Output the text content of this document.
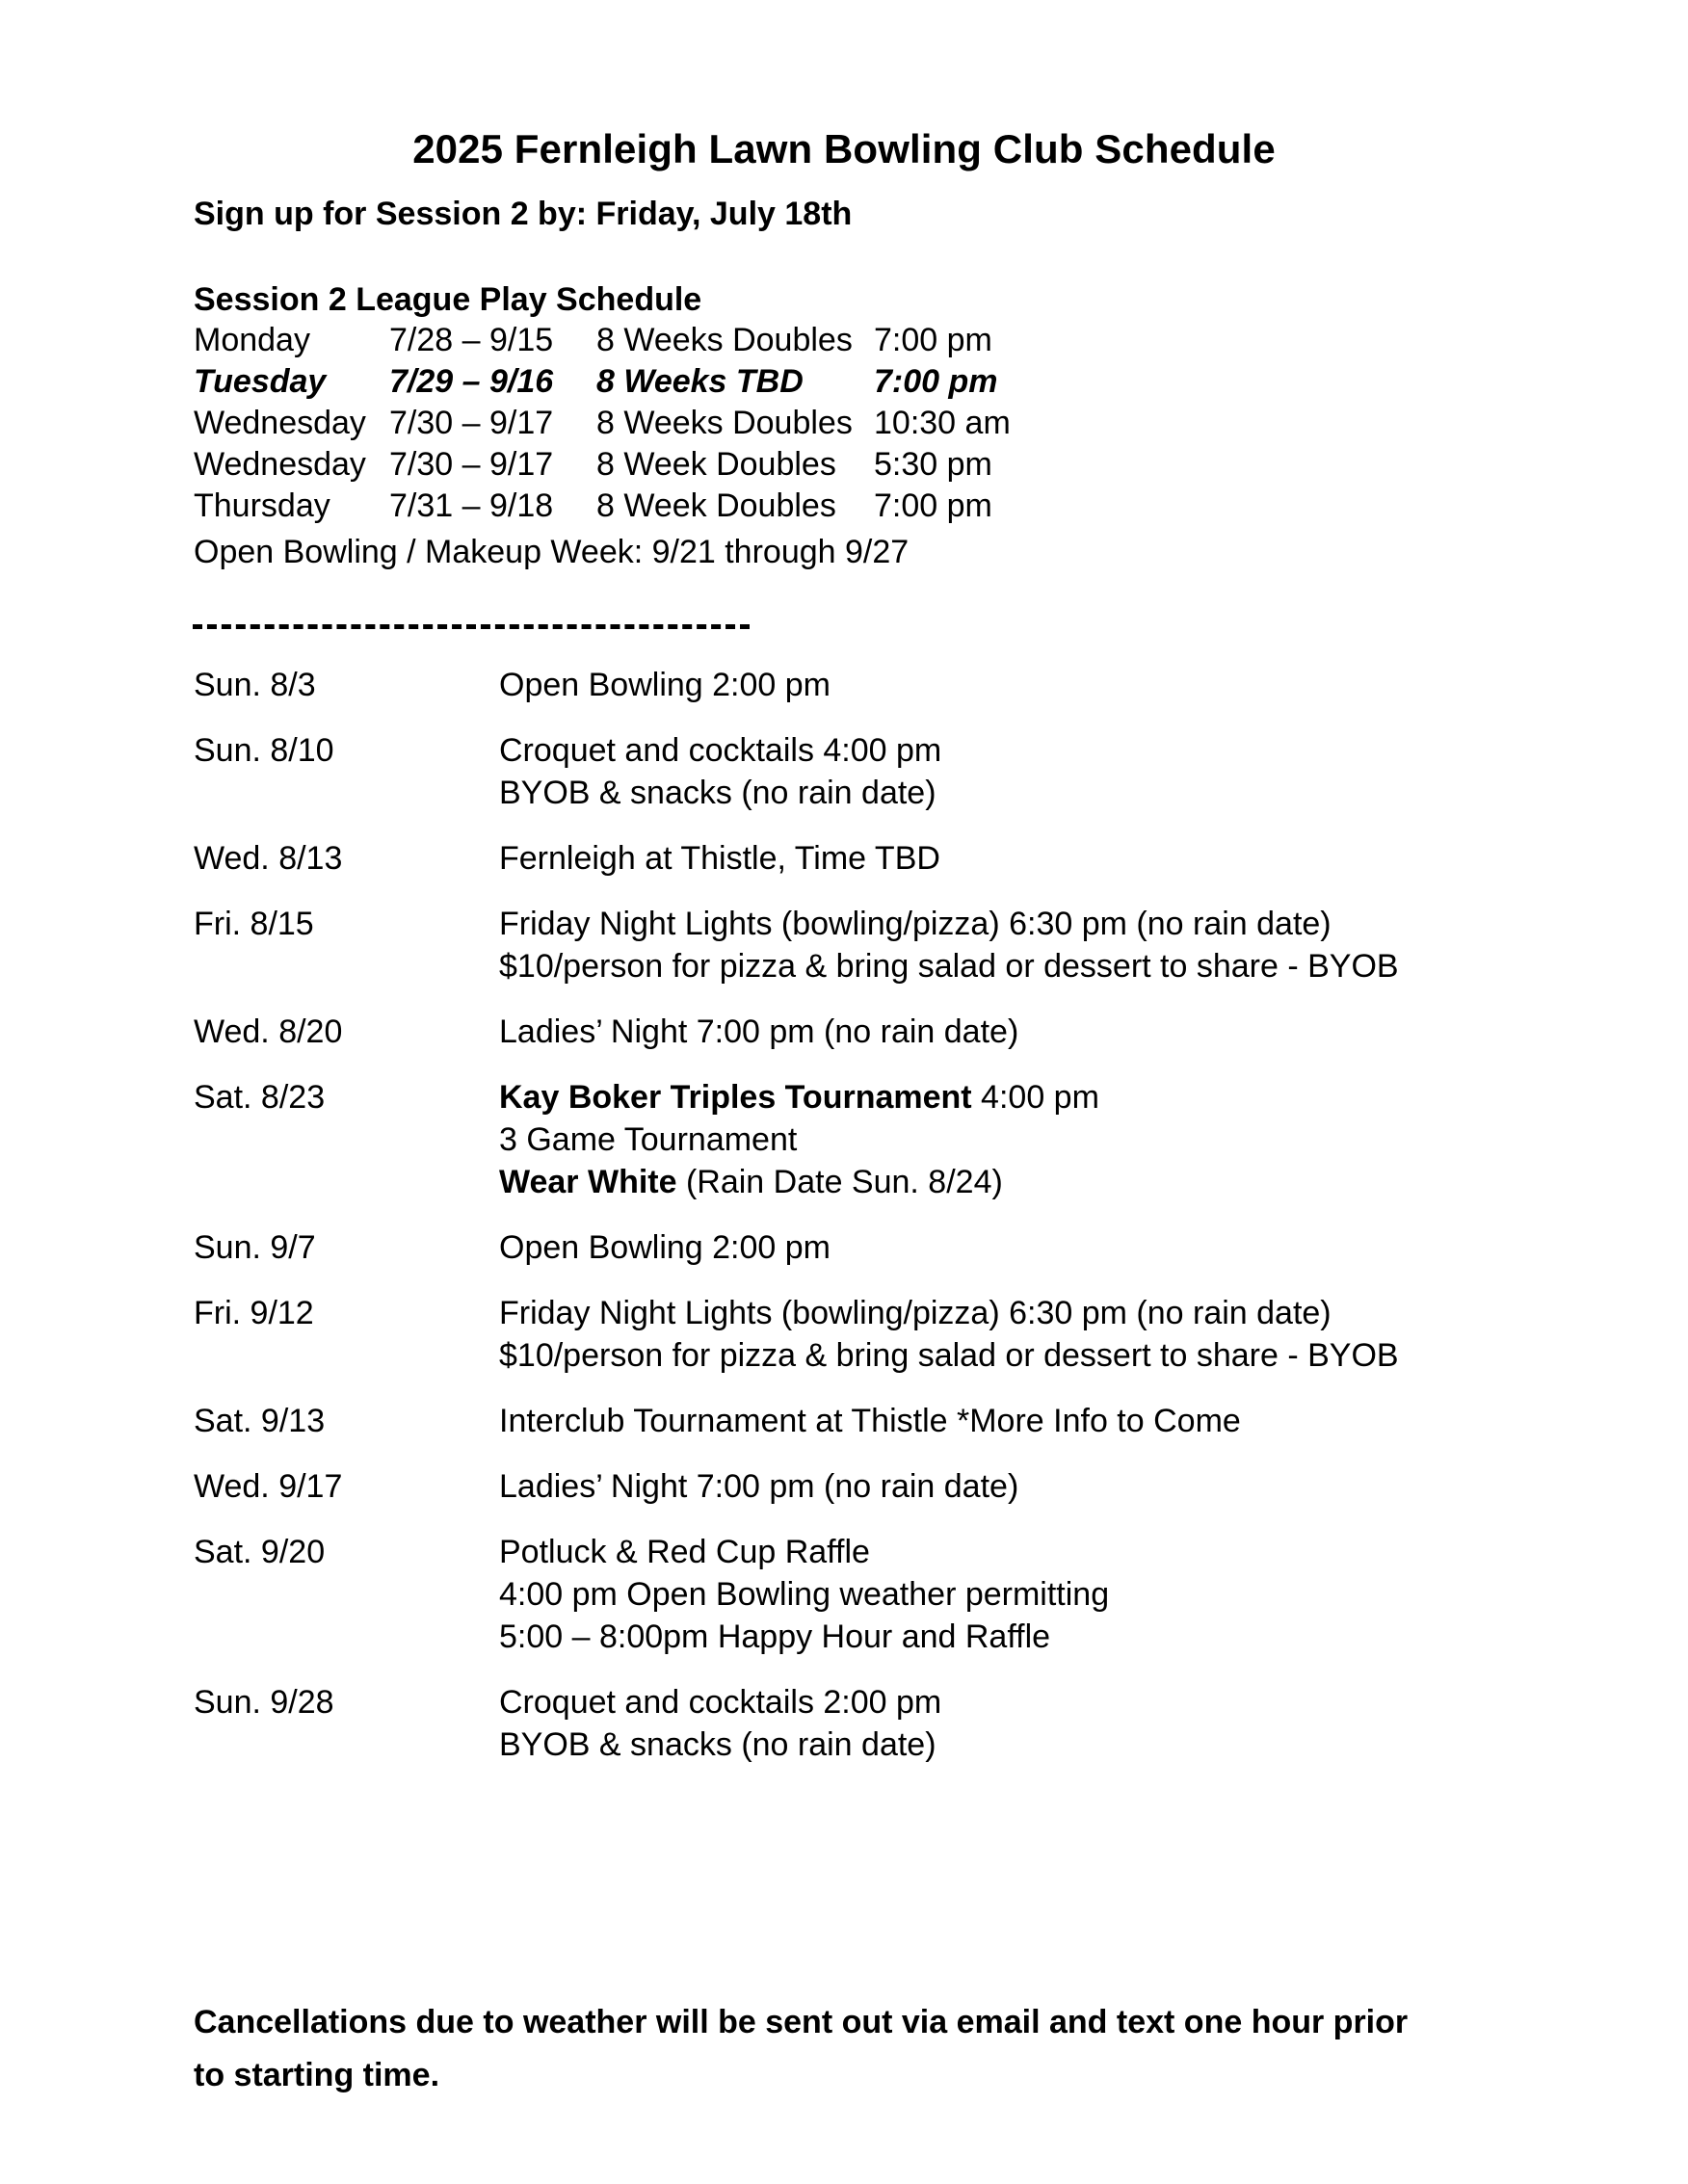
2025 Fernleigh Lawn Bowling Club Schedule
Sign up for Session 2 by: Friday, July 18th
Session 2 League Play Schedule
Monday	7/28 – 9/15	8 Weeks Doubles	7:00 pm
Tuesday	7/29 – 9/16	8 Weeks TBD	7:00 pm
Wednesday	7/30 – 9/17	8 Weeks Doubles	10:30 am
Wednesday	7/30 – 9/17	8 Week Doubles	5:30 pm
Thursday	7/31 – 9/18	8 Week Doubles	7:00 pm
Open Bowling / Makeup Week: 9/21 through 9/27
Sun. 8/3	Open Bowling 2:00 pm
Sun. 8/10	Croquet and cocktails 4:00 pm
BYOB & snacks (no rain date)
Wed. 8/13	Fernleigh at Thistle, Time TBD
Fri. 8/15	Friday Night Lights (bowling/pizza) 6:30 pm (no rain date)
$10/person for pizza & bring salad or dessert to share - BYOB
Wed. 8/20	Ladies’ Night 7:00 pm (no rain date)
Sat. 8/23	Kay Boker Triples Tournament 4:00 pm
3 Game Tournament
Wear White (Rain Date Sun. 8/24)
Sun. 9/7	Open Bowling 2:00 pm
Fri. 9/12	Friday Night Lights (bowling/pizza) 6:30 pm (no rain date)
$10/person for pizza & bring salad or dessert to share - BYOB
Sat. 9/13	Interclub Tournament at Thistle *More Info to Come
Wed. 9/17	Ladies’ Night 7:00 pm (no rain date)
Sat. 9/20	Potluck & Red Cup Raffle
4:00 pm Open Bowling weather permitting
5:00 – 8:00pm Happy Hour and Raffle
Sun. 9/28	Croquet and cocktails 2:00 pm
BYOB & snacks (no rain date)
Cancellations due to weather will be sent out via email and text one hour prior to starting time.
